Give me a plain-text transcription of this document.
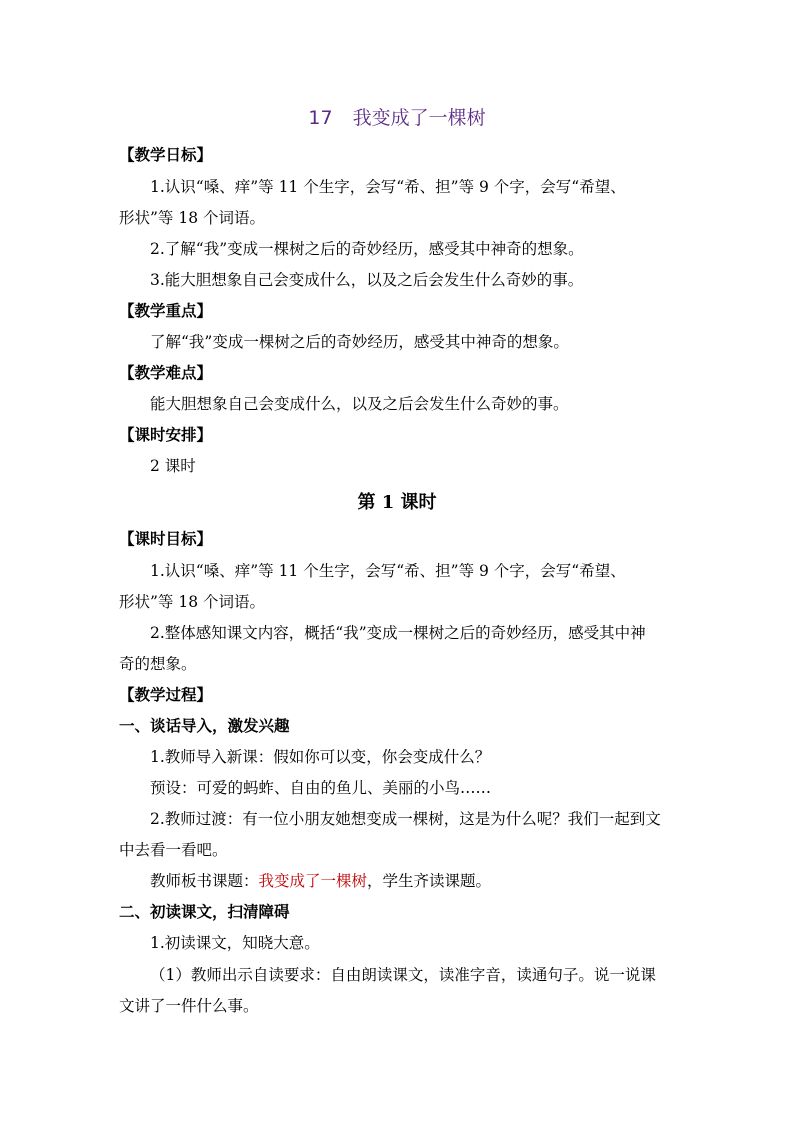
17 我变成了一棵树
【教学日标】
1.认识“嗓、痒”等 11 个生字，会写“希、担”等 9 个字，会写“希望、
形状”等 18 个词语。
2.了解“我”变成一棵树之后的奇妙经历，感受其中神奇的想象。
3.能大胆想象自己会变成什么，以及之后会发生什么奇妙的事。
【教学重点】
了解“我”变成一棵树之后的奇妙经历，感受其中神奇的想象。
【教学难点】
能大胆想象自己会变成什么，以及之后会发生什么奇妙的事。
【课时安排】
2 课时
第 1 课时
【课时目标】
1.认识“嗓、痒”等 11 个生字，会写“希、担”等 9 个字，会写“希望、
形状”等 18 个词语。
2.整体感知课文内容，概括“我”变成一棵树之后的奇妙经历，感受其中神
奇的想象。
【教学过程】
一、谈话导入，激发兴趣
1.教师导入新课：假如你可以变，你会变成什么？
预设：可爱的蚂蚱、自由的鱼儿、美丽的小鸟……
2.教师过渡：有一位小朋友她想变成一棵树，这是为什么呢？我们一起到文
中去看一看吧。
教师板书课题：我变成了一棵树，学生齐读课题。
二、初读课文，扫清障碍
1.初读课文，知晓大意。
（1）教师出示自读要求：自由朗读课文，读准字音，读通句子。说一说课
文讲了一件什么事。
